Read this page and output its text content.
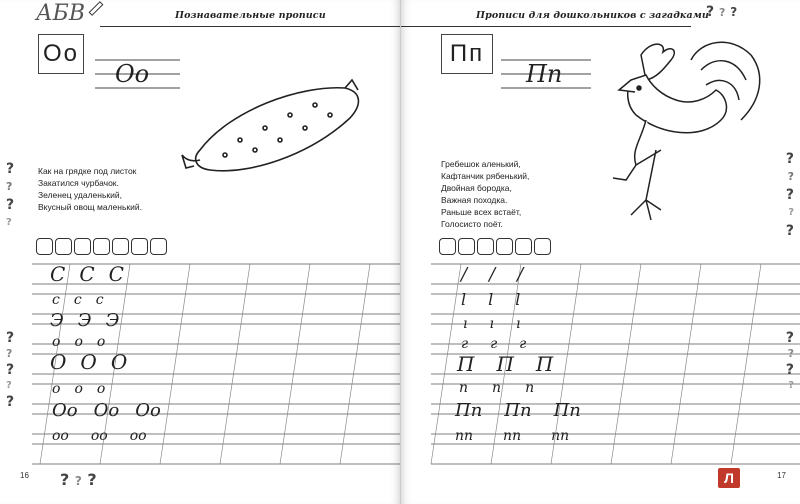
АБВ	Познавательные прописи
Оо
Оо
Как на грядке под листок
Закатился чурбачок.
Зеленец удаленький,
Вкусный овощ маленький.
С С С
с с с
Э Э Э
о о о
О О О
о о о
Оо Оо Оо
оо оо оо
?
?
?
?
?
?
?
?
?
? ? ?
16
Прописи для дошкольников с загадками
? ? ?
Пп
Пп
Гребешок аленький,
Кафтанчик рябенький,
Двойная бородка,
Важная походка.
Раньше всех встаёт,
Голосисто поёт.
/ / /
l l l
ı ı ı
г г г
П П П
п п п
Пп Пп Пп
пп пп пп
?
?
?
?
?
?
?
?
?
Л	17
